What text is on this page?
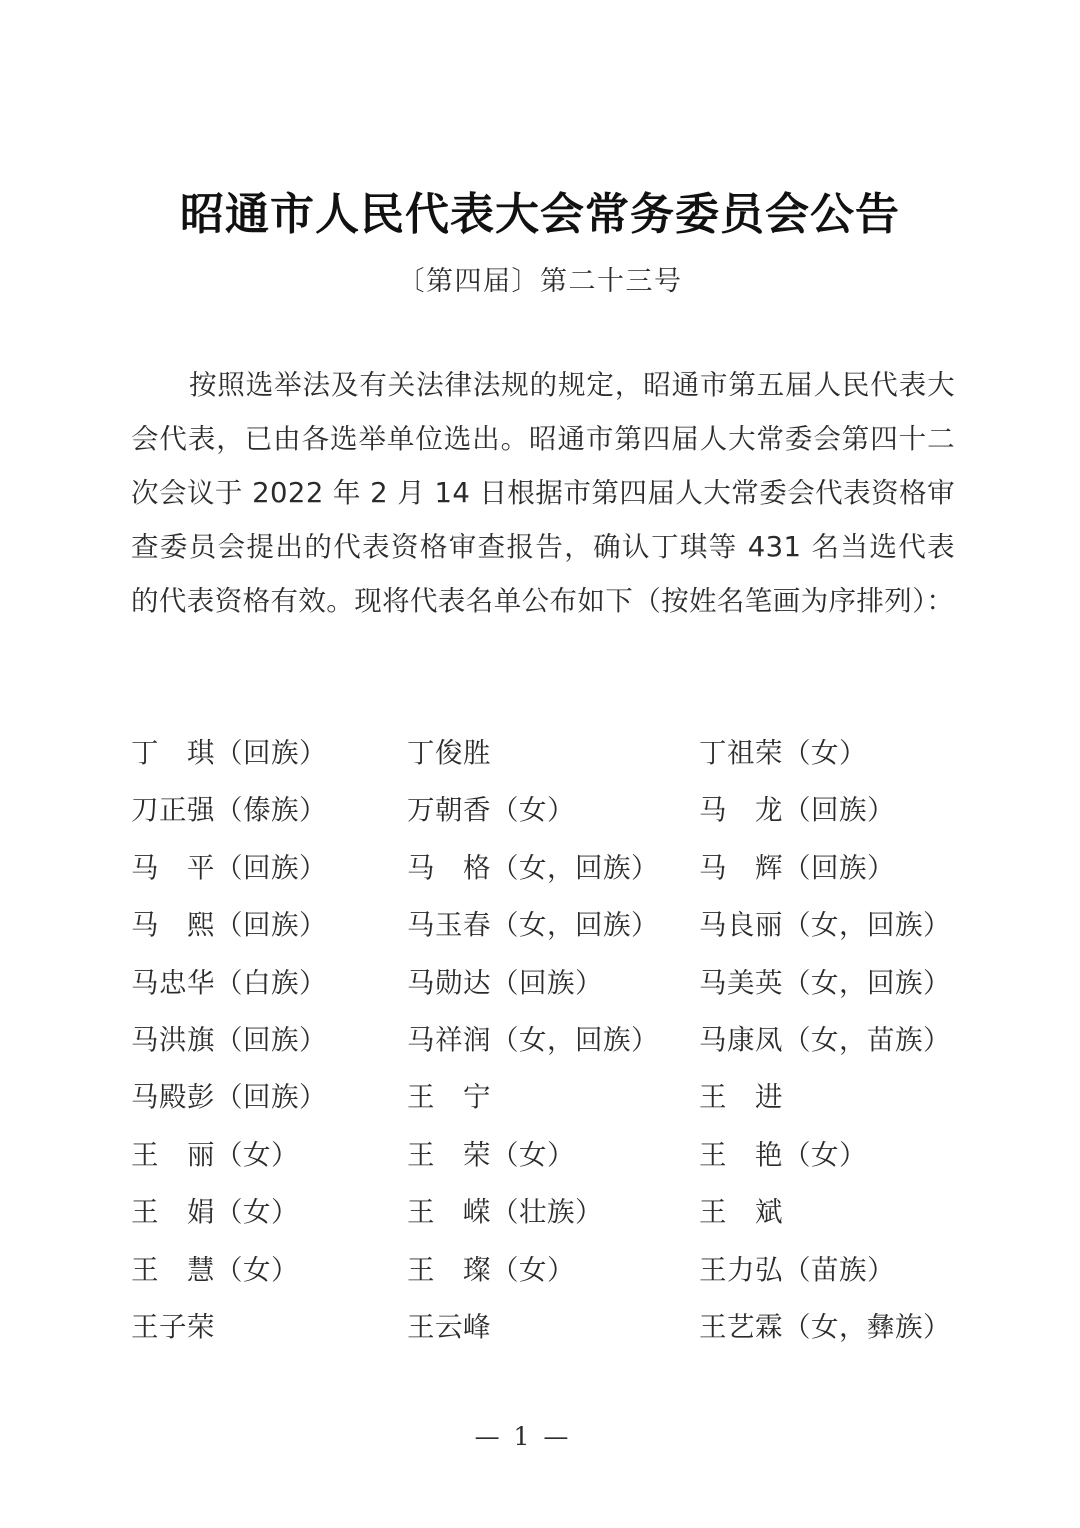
昭通市人民代表大会常务委员会公告
〔第四届〕第二十三号

按照选举法及有关法律法规的规定，昭通市第五届人民代表大会代表，已由各选举单位选出。昭通市第四届人大常委会第四十二次会议于 2022 年 2 月 14 日根据市第四届人大常委会代表资格审查委员会提出的代表资格审查报告，确认丁琪等 431 名当选代表的代表资格有效。现将代表名单公布如下（按姓名笔画为序排列）：

丁　琪（回族）	丁俊胜	丁祖荣（女）
刀正强（傣族）	万朝香（女）	马　龙（回族）
马　平（回族）	马　格（女，回族） 马　辉（回族）
马　熙（回族）	马玉春（女，回族） 马良丽（女，回族）
马忠华（白族）	马勋达（回族）	马美英（女，回族）
马洪旗（回族）	马祥润（女，回族） 马康凤（女，苗族）
马殿彭（回族）	王　宁	王　进
王　丽（女）	王　荣（女）	王　艳（女）
王　娟（女）	王　嵘（壮族）	王　斌
王　慧（女）	王　璨（女）	王力弘（苗族）
王子荣	王云峰	王艺霖（女，彝族）
— 1 —
